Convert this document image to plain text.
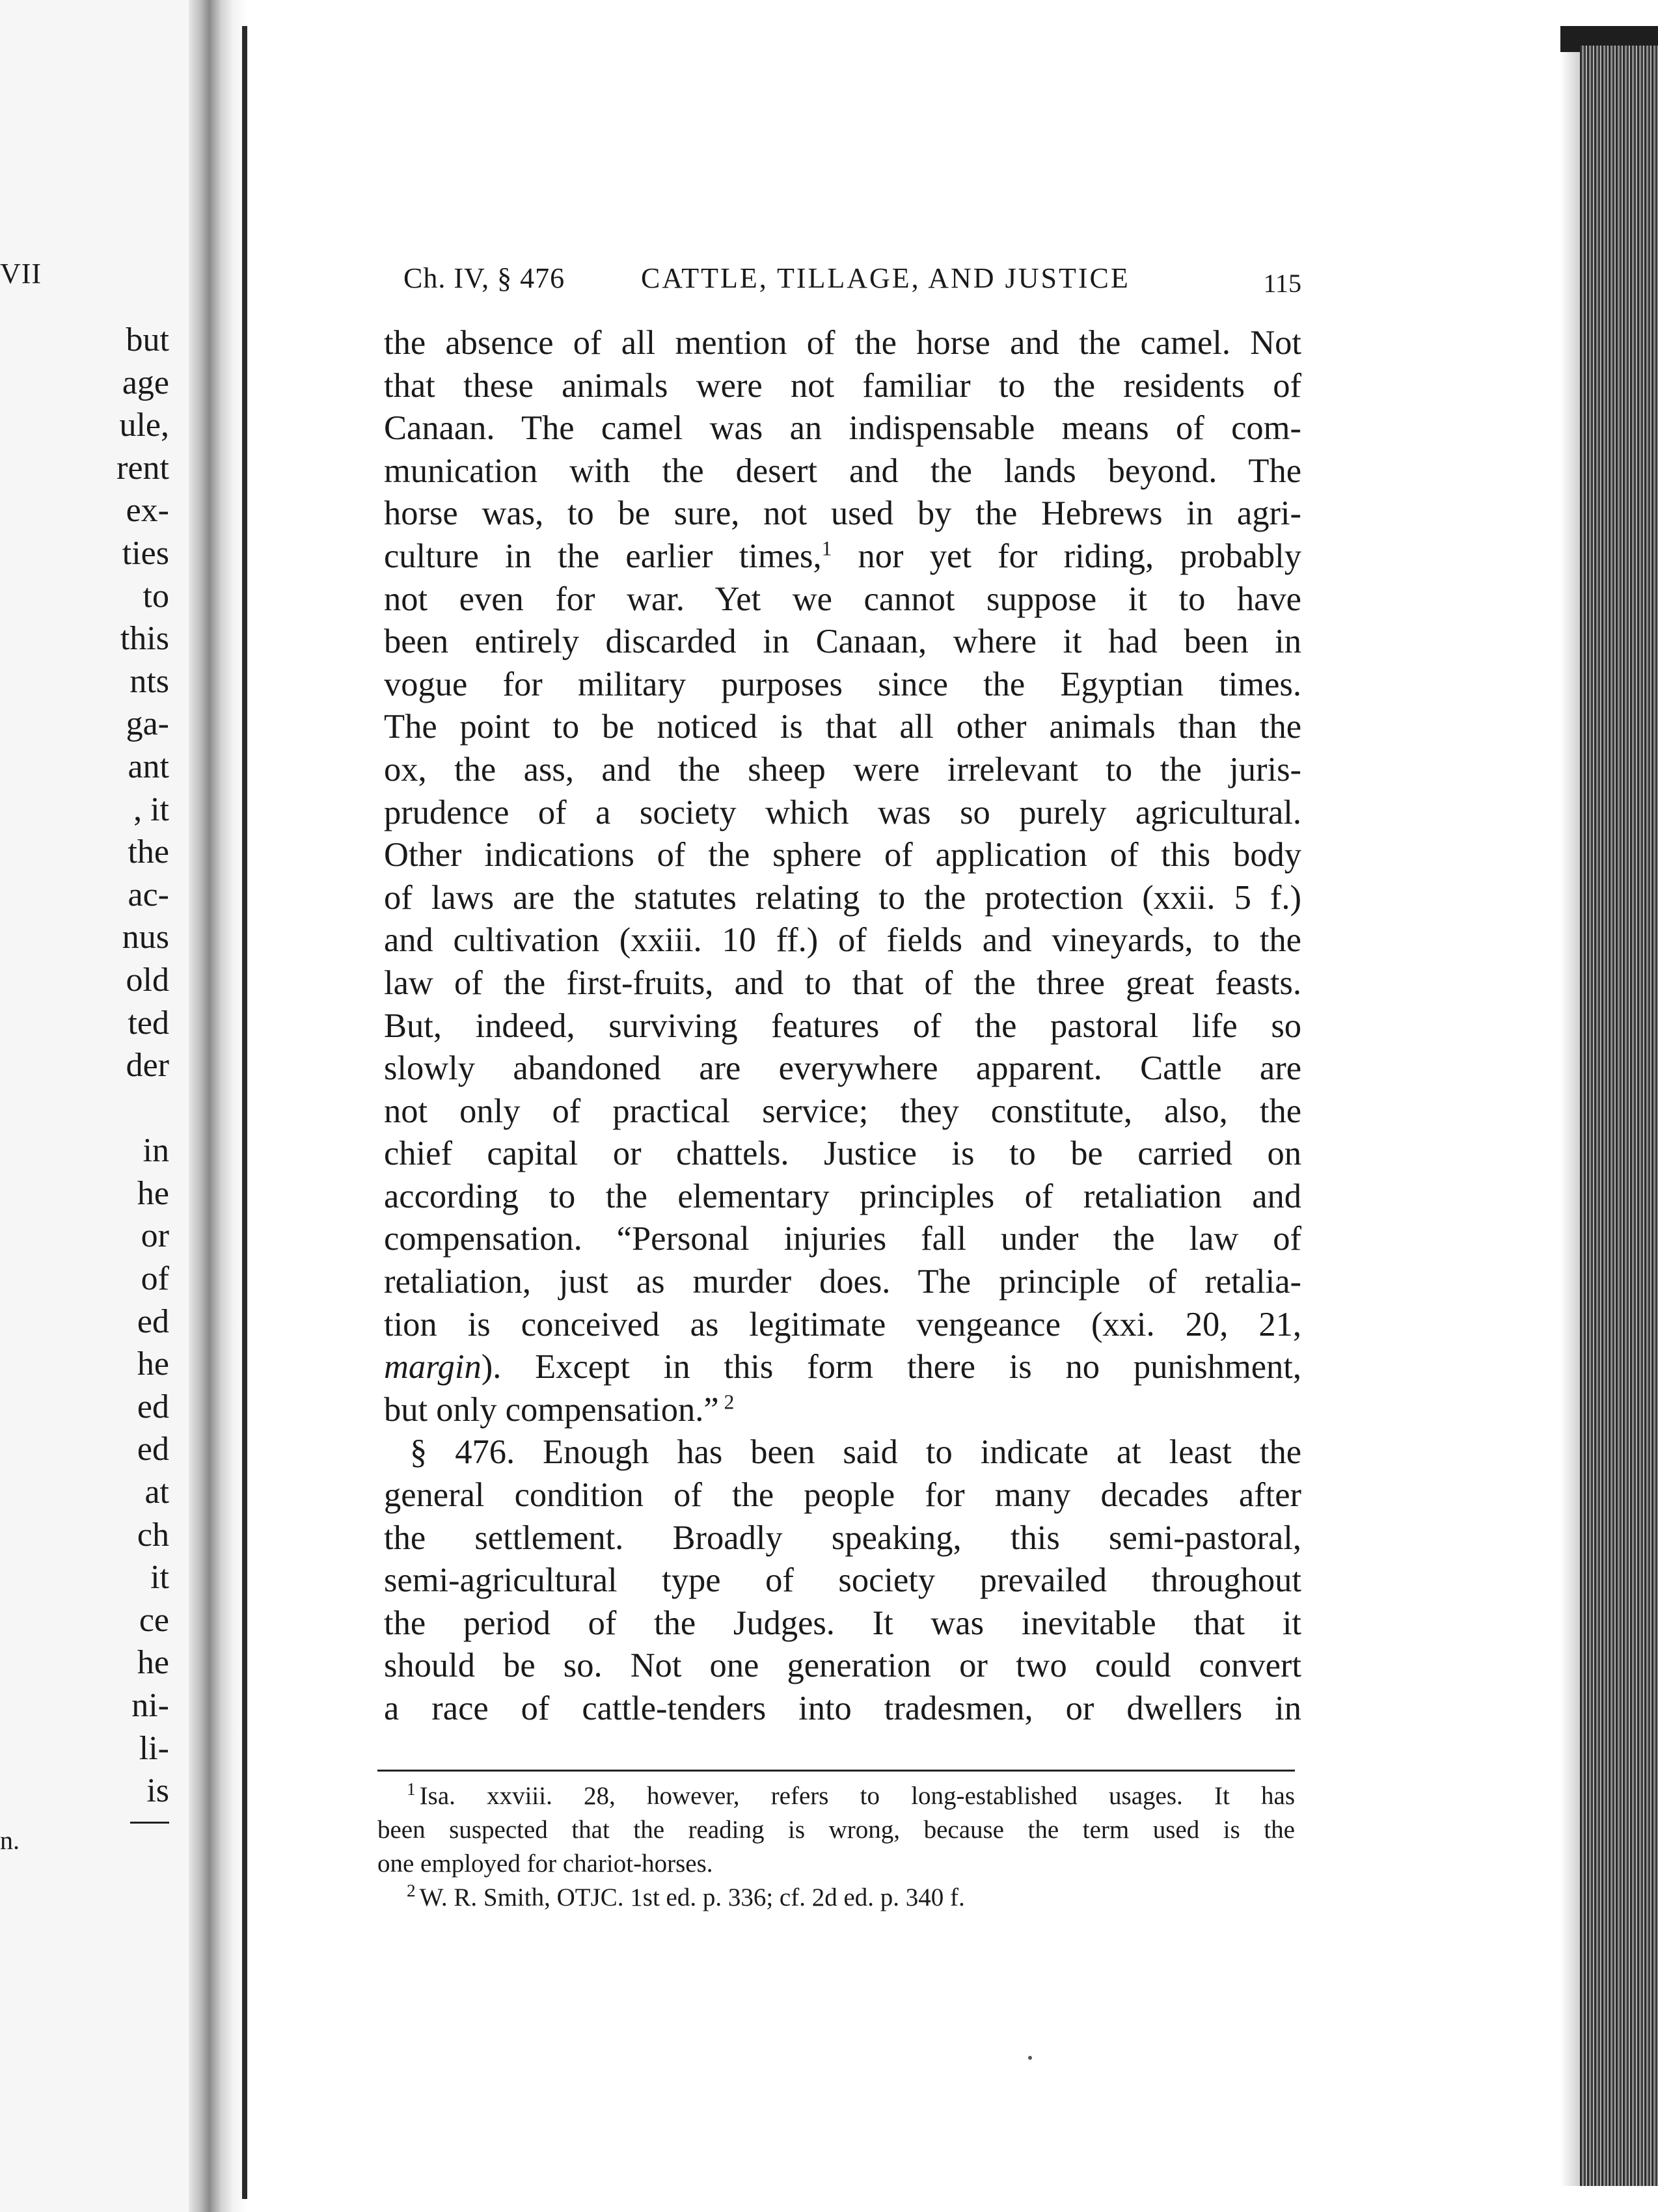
VII
but
age
ule,
rent
ex-
ties
to
this
nts
ga-
ant
, it
the
ac-
nus
old
ted
der
in
he
or
of
ed
he
ed
ed
at
ch
it
ce
he
ni-
li-
is
n.
Ch. IV, § 476	CATTLE, TILLAGE, AND JUSTICE	115
the absence of all mention of the horse and the camel. Not
that these animals were not familiar to the residents of
Canaan. The camel was an indispensable means of com-
munication with the desert and the lands beyond. The
horse was, to be sure, not used by the Hebrews in agri-
culture in the earlier times,$^1$ nor yet for riding, probably
not even for war. Yet we cannot suppose it to have
been entirely discarded in Canaan, where it had been in
vogue for military purposes since the Egyptian times.
The point to be noticed is that all other animals than the
ox, the ass, and the sheep were irrelevant to the juris-
prudence of a society which was so purely agricultural.
Other indications of the sphere of application of this body
of laws are the statutes relating to the protection (xxii. 5 f.)
and cultivation (xxiii. 10 ff.) of fields and vineyards, to the
law of the first-fruits, and to that of the three great feasts.
But, indeed, surviving features of the pastoral life so
slowly abandoned are everywhere apparent. Cattle are
not only of practical service; they constitute, also, the
chief capital or chattels. Justice is to be carried on
according to the elementary principles of retaliation and
compensation. “Personal injuries fall under the law of
retaliation, just as murder does. The principle of retalia-
tion is conceived as legitimate vengeance (xxi. 20, 21,
margin). Except in this form there is no punishment,
but only compensation.” $^2$
§ 476. Enough has been said to indicate at least the
general condition of the people for many decades after
the settlement. Broadly speaking, this semi-pastoral,
semi-agricultural type of society prevailed throughout
the period of the Judges. It was inevitable that it
should be so. Not one generation or two could convert
a race of cattle-tenders into tradesmen, or dwellers in
$^1$ Isa. xxviii. 28, however, refers to long-established usages. It has
been suspected that the reading is wrong, because the term used is the
one employed for chariot-horses.
$^2$ W. R. Smith, OTJC. 1st ed. p. 336; cf. 2d ed. p. 340 f.
